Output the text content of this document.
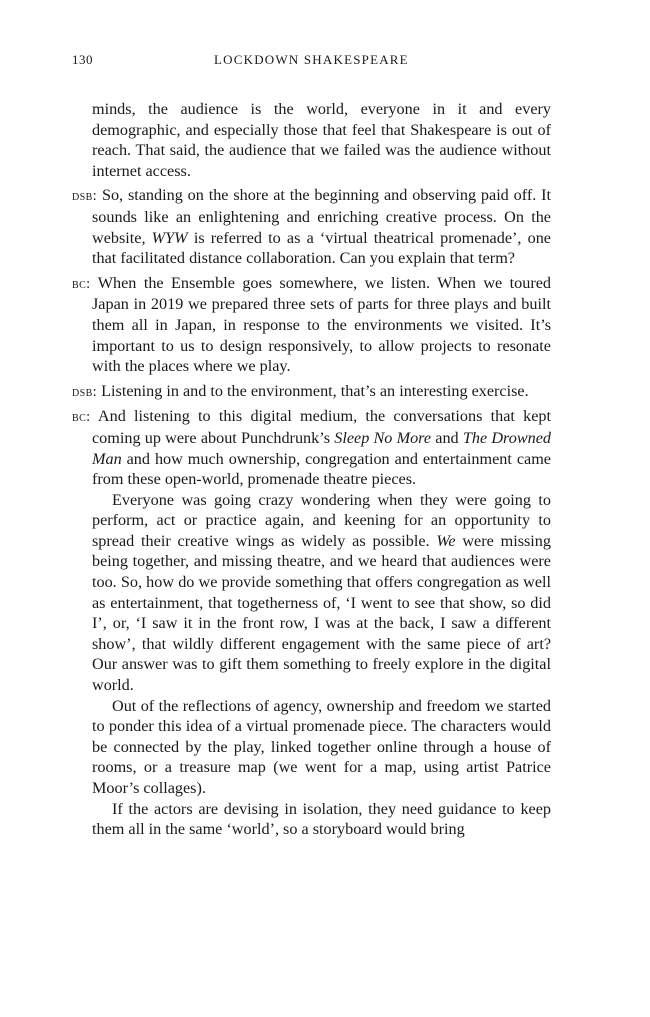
130	LOCKDOWN SHAKESPEARE

minds, the audience is the world, everyone in it and every demographic, and especially those that feel that Shakespeare is out of reach. That said, the audience that we failed was the audience without internet access.

dsb: So, standing on the shore at the beginning and observing paid off. It sounds like an enlightening and enriching creative process. On the website, WYW is referred to as a ‘virtual theatrical promenade’, one that facilitated distance collaboration. Can you explain that term?

bc: When the Ensemble goes somewhere, we listen. When we toured Japan in 2019 we prepared three sets of parts for three plays and built them all in Japan, in response to the environments we visited. It’s important to us to design responsively, to allow projects to resonate with the places where we play.

dsb: Listening in and to the environment, that’s an interesting exercise.

bc: And listening to this digital medium, the conversations that kept coming up were about Punchdrunk’s Sleep No More and The Drowned Man and how much ownership, congregation and entertainment came from these open-world, promenade theatre pieces.

Everyone was going crazy wondering when they were going to perform, act or practice again, and keening for an opportunity to spread their creative wings as widely as possible. We were missing being together, and missing theatre, and we heard that audiences were too. So, how do we provide something that offers congregation as well as entertainment, that togetherness of, ‘I went to see that show, so did I’, or, ‘I saw it in the front row, I was at the back, I saw a different show’, that wildly different engagement with the same piece of art? Our answer was to gift them something to freely explore in the digital world.

Out of the reflections of agency, ownership and freedom we started to ponder this idea of a virtual promenade piece. The characters would be connected by the play, linked together online through a house of rooms, or a treasure map (we went for a map, using artist Patrice Moor’s collages).

If the actors are devising in isolation, they need guidance to keep them all in the same ‘world’, so a storyboard would bring
